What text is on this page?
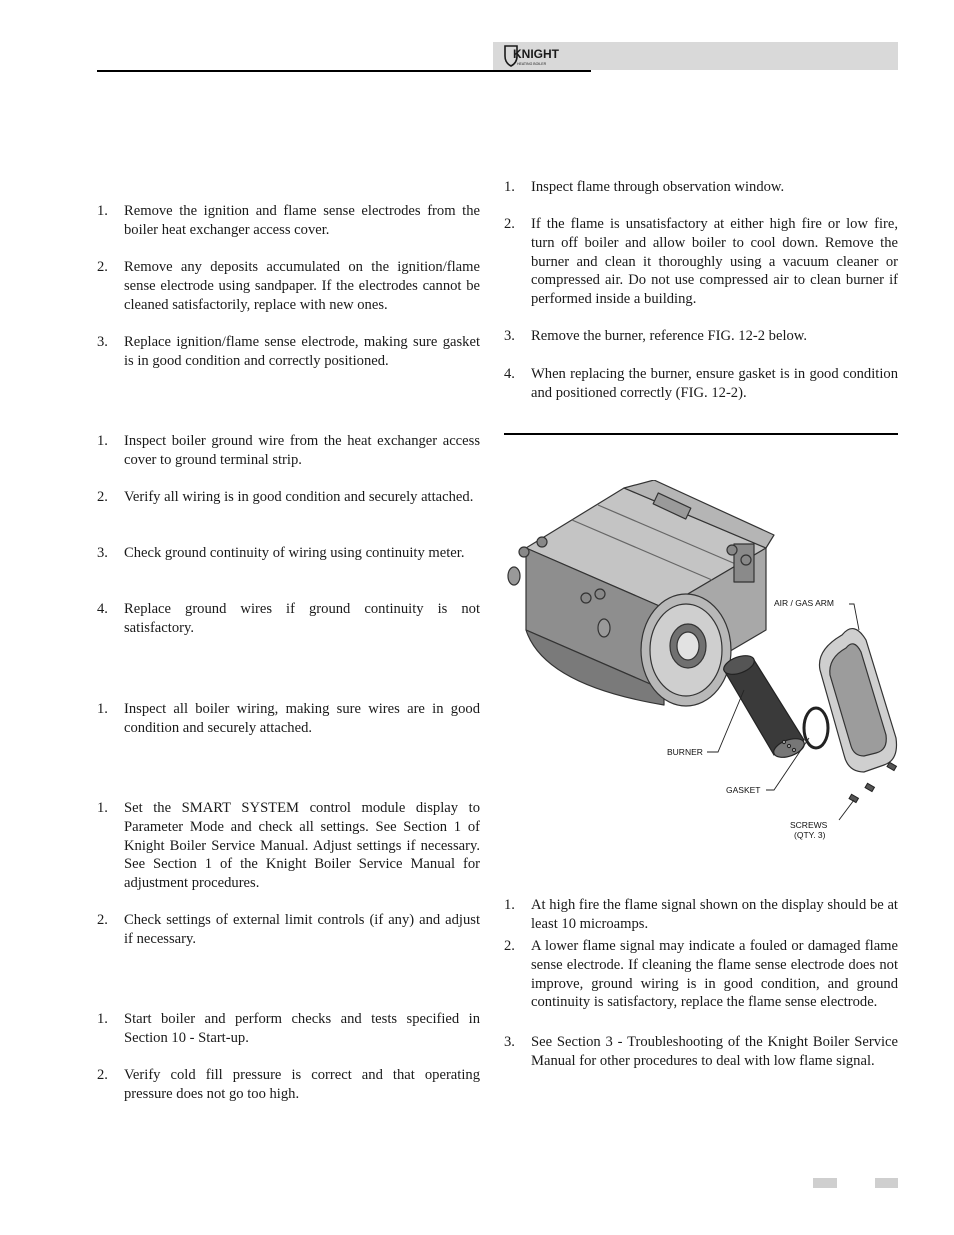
KNIGHT
HEATING BOILER
1.	Remove the ignition and flame sense electrodes from the boiler heat exchanger access cover.
2.	Remove any deposits accumulated on the ignition/flame sense electrode using sandpaper. If the electrodes cannot be cleaned satisfactorily, replace with new ones.
3.	Replace ignition/flame sense electrode, making sure gasket is in good condition and correctly positioned.
1.	Inspect boiler ground wire from the heat exchanger access cover to ground terminal strip.
2.	Verify all wiring is in good condition and securely attached.
3.	Check ground continuity of wiring using continuity meter.
4.	Replace ground wires if ground continuity is not satisfactory.
1.	Inspect all boiler wiring, making sure wires are in good condition and securely attached.
1.	Set the SMART SYSTEM control module display to Parameter Mode and check all settings. See Section 1 of Knight Boiler Service Manual. Adjust settings if necessary. See Section 1 of the Knight Boiler Service Manual for adjustment procedures.
2.	Check settings of external limit controls (if any) and adjust if necessary.
1.	Start boiler and perform checks and tests specified in Section 10 - Start-up.
2.	Verify cold fill pressure is correct and that operating pressure does not go too high.
1.	Inspect flame through observation window.
2.	If the flame is unsatisfactory at either high fire or low fire, turn off boiler and allow boiler to cool down. Remove the burner and clean it thoroughly using a vacuum cleaner or compressed air. Do not use compressed air to clean burner if performed inside a building.
3.	Remove the burner, reference FIG. 12-2 below.
4.	When replacing the burner, ensure gasket is in good condition and positioned correctly (FIG. 12-2).
1.	At high fire the flame signal shown on the display should be at least 10 microamps.
2.	A lower flame signal may indicate a fouled or damaged flame sense electrode. If cleaning the flame sense electrode does not improve, ground wiring is in good condition, and ground continuity is satisfactory, replace the flame sense electrode.
3.	See Section 3 - Troubleshooting of the Knight Boiler Service Manual for other procedures to deal with low flame signal.
AIR / GAS ARM
BURNER
GASKET
SCREWS
(QTY. 3)
